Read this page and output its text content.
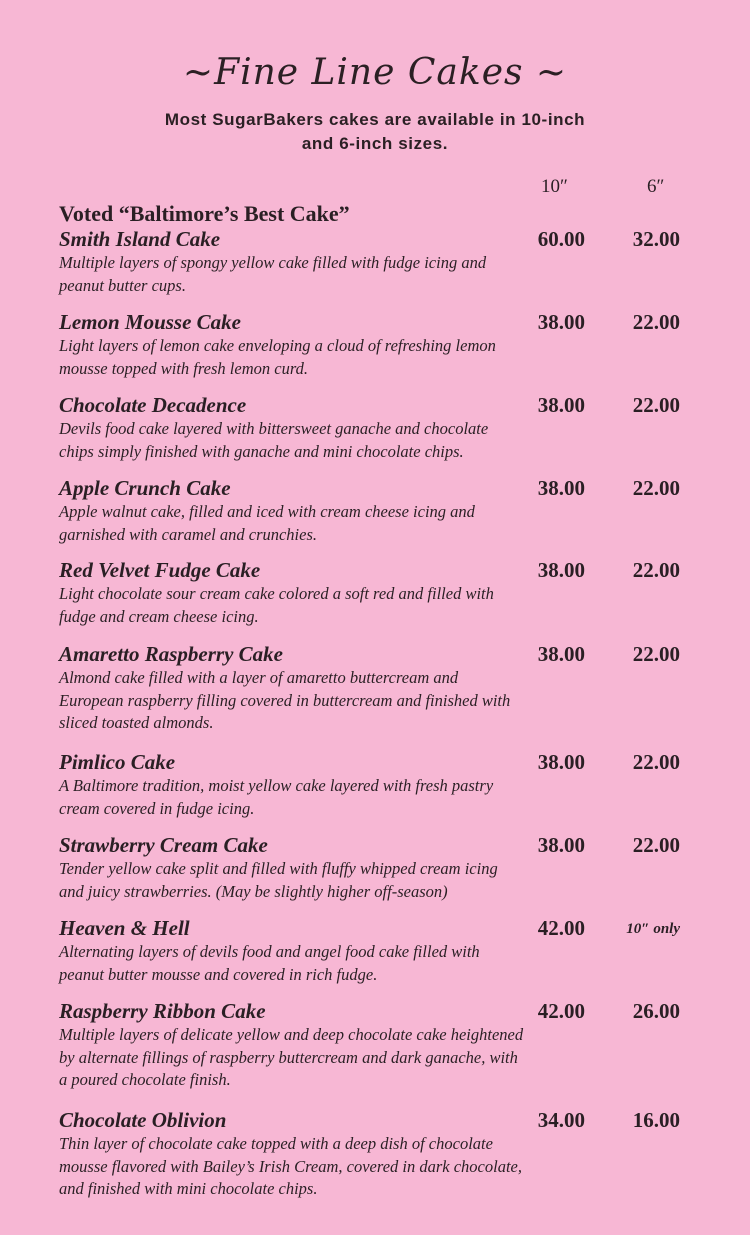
~Fine Line Cakes ~
Most SugarBakers cakes are available in 10-inch
and 6-inch sizes.
10″	6″
Voted “Baltimore’s Best Cake”
Smith Island Cake	60.00 32.00
Multiple layers of spongy yellow cake filled with fudge icing and
peanut butter cups.
Lemon Mousse Cake	38.00 22.00
Light layers of lemon cake enveloping a cloud of refreshing lemon
mousse topped with fresh lemon curd.
Chocolate Decadence	38.00 22.00
Devils food cake layered with bittersweet ganache and chocolate
chips simply finished with ganache and mini chocolate chips.
Apple Crunch Cake	38.00 22.00
Apple walnut cake, filled and iced with cream cheese icing and
garnished with caramel and crunchies.
Red Velvet Fudge Cake	38.00 22.00
Light chocolate sour cream cake colored a soft red and filled with
fudge and cream cheese icing.
Amaretto Raspberry Cake	38.00 22.00
Almond cake filled with a layer of amaretto buttercream and
European raspberry filling covered in buttercream and finished with
sliced toasted almonds.
Pimlico Cake	38.00 22.00
A Baltimore tradition, moist yellow cake layered with fresh pastry
cream covered in fudge icing.
Strawberry Cream Cake	38.00 22.00
Tender yellow cake split and filled with fluffy whipped cream icing
and juicy strawberries. (May be slightly higher off-season)
Heaven & Hell	42.00	10″ only
Alternating layers of devils food and angel food cake filled with
peanut butter mousse and covered in rich fudge.
Raspberry Ribbon Cake	42.00 26.00
Multiple layers of delicate yellow and deep chocolate cake heightened
by alternate fillings of raspberry buttercream and dark ganache, with
a poured chocolate finish.
Chocolate Oblivion	34.00 16.00
Thin layer of chocolate cake topped with a deep dish of chocolate
mousse flavored with Bailey’s Irish Cream, covered in dark chocolate,
and finished with mini chocolate chips.
